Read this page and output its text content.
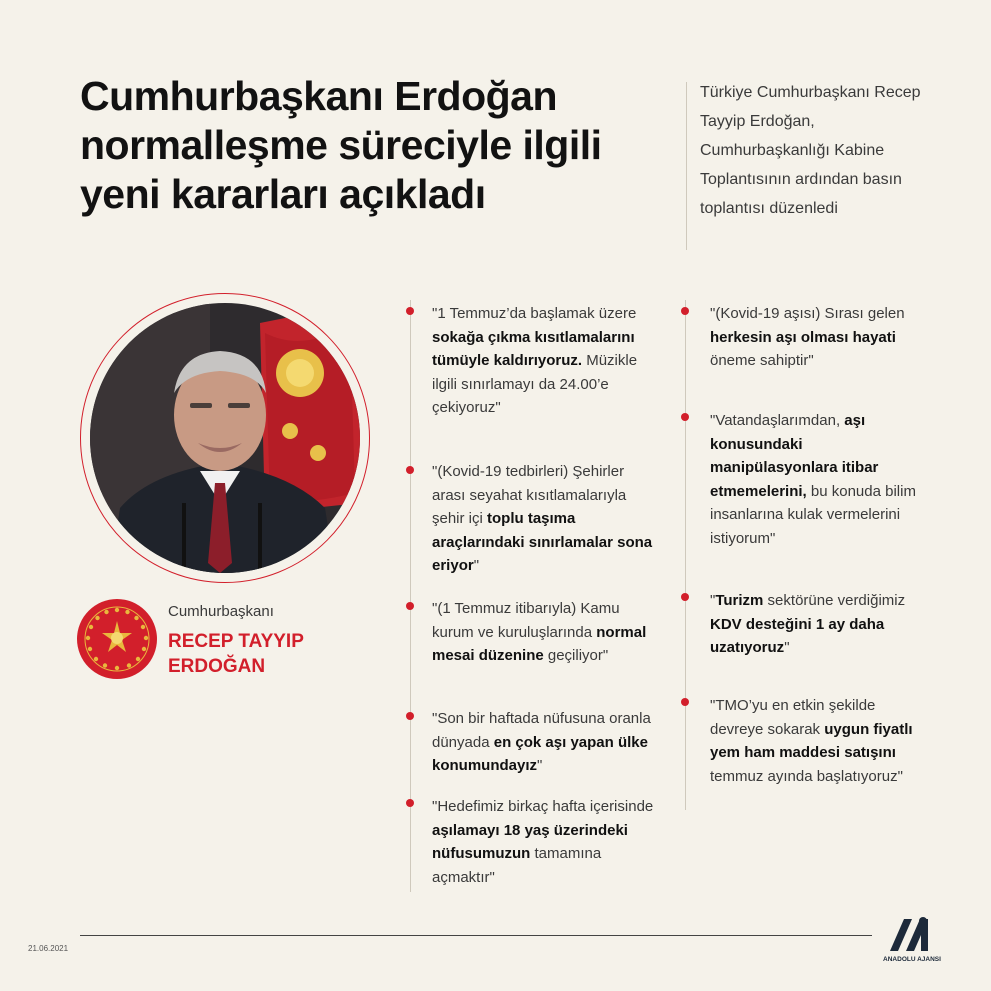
Cumhurbaşkanı Erdoğan normalleşme süreciyle ilgili yeni kararları açıkladı
Türkiye Cumhurbaşkanı Recep Tayyip Erdoğan, Cumhurbaşkanlığı Kabine Toplantısının ardından basın toplantısı düzenledi
Cumhurbaşkanı
RECEP TAYYIP
ERDOĞAN
"1 Temmuz’da başlamak üzere sokağa çıkma kısıtlamalarını tümüyle kaldırıyoruz. Müzikle ilgili sınırlamayı da 24.00’e çekiyoruz"
"(Kovid-19 tedbirleri) Şehirler arası seyahat kısıtlamalarıyla şehir içi toplu taşıma araçlarındaki sınırlamalar sona eriyor"
"(1 Temmuz itibarıyla) Kamu kurum ve kuruluşlarında normal mesai düzenine geçiliyor"
"Son bir haftada nüfusuna oranla dünyada en çok aşı yapan ülke konumundayız"
"Hedefimiz birkaç hafta içerisinde aşılamayı 18 yaş üzerindeki nüfusumuzun tamamına açmaktır"
"(Kovid-19 aşısı) Sırası gelen herkesin aşı olması hayati öneme sahiptir"
"Vatandaşlarımdan, aşı konusundaki manipülasyonlara itibar etmemelerini, bu konuda bilim insanlarına kulak vermelerini istiyorum"
"Turizm sektörüne verdiğimiz KDV desteğini 1 ay daha uzatıyoruz"
"TMO’yu en etkin şekilde devreye sokarak uygun fiyatlı yem ham maddesi satışını temmuz ayında başlatıyoruz"
21.06.2021
ANADOLU AJANSI
AA
